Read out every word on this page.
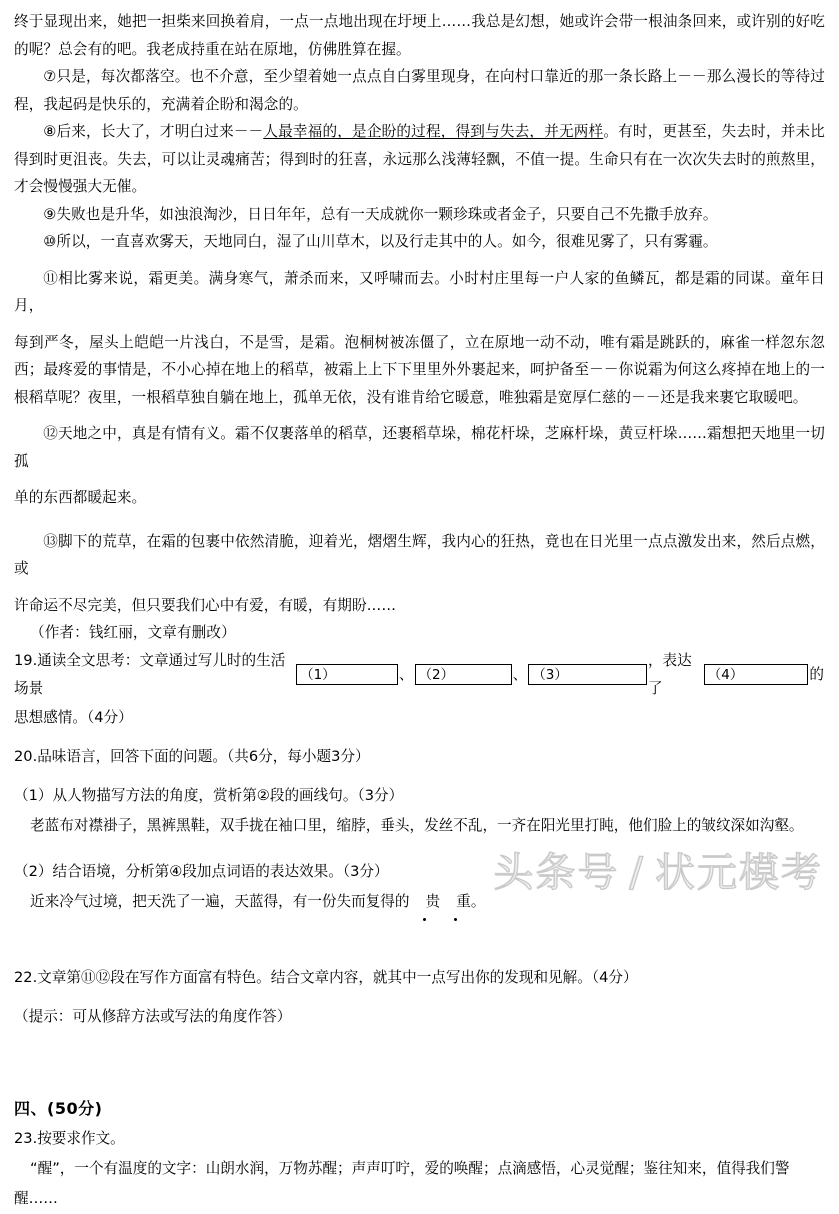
终于显现出来，她把一担柴来回换着肩，一点一点地出现在圩埂上……我总是幻想，她或许会带一根油条回来，或许别的好吃的呢？总会有的吧。我老成持重在站在原地，仿佛胜算在握。

⑦只是，每次都落空。也不介意，至少望着她一点点自白雾里现身，在向村口靠近的那一条长路上－－那么漫长的等待过程，我起码是快乐的，充满着企盼和渴念的。

⑧后来，长大了，才明白过来－－人最幸福的，是企盼的过程，得到与失去，并无两样。有时，更甚至，失去时，并未比得到时更沮丧。失去，可以让灵魂痛苦；得到时的狂喜，永远那么浅薄轻飘，不值一提。生命只有在一次次失去时的煎熬里，才会慢慢强大无催。

⑨失败也是升华，如浊浪淘沙，日日年年，总有一天成就你一颗珍珠或者金子，只要自己不先撒手放弃。

⑩所以，一直喜欢雾天，天地同白，湿了山川草木，以及行走其中的人。如今，很难见雾了，只有雾霾。

⑪相比雾来说，霜更美。满身寒气，萧杀而来，又呼啸而去。小时村庄里每一户人家的鱼鳞瓦，都是霜的同谋。童年日月，

每到严冬，屋头上皑皑一片浅白，不是雪，是霜。泡桐树被冻僵了，立在原地一动不动，唯有霜是跳跃的，麻雀一样忽东忽西；最疼爱的事情是，不小心掉在地上的稻草，被霜上上下下里里外外裹起来，呵护备至－－你说霜为何这么疼掉在地上的一根稻草呢？夜里，一根稻草独自躺在地上，孤单无依，没有谁肯给它暖意，唯独霜是宽厚仁慈的－－还是我来裹它取暖吧。

⑫天地之中，真是有情有义。霜不仅裹落单的稻草，还裹稻草垛，棉花杆垛，芝麻杆垛，黄豆杆垛……霜想把天地里一切孤

单的东西都暖起来。

⑬脚下的荒草，在霜的包裹中依然清脆，迎着光，熠熠生辉，我内心的狂热，竟也在日光里一点点激发出来，然后点燃，或

许命运不尽完美，但只要我们心中有爱，有暖，有期盼……

（作者：钱红丽，文章有删改）

19.通读全文思考：文章通过写儿时的生活场景
（1）	、 （2）	、 （3）
，表达了
（4）	的

思想感情。（4分）

20.品味语言，回答下面的问题。（共6分，每小题3分）

（1）从人物描写方法的角度，赏析第②段的画线句。（3分）

老蓝布对襟褂子，黑裤黑鞋，双手拢在袖口里，缩脖，垂头，发丝不乱，一齐在阳光里打盹，他们脸上的皱纹深如沟壑。

（2）结合语境，分析第④段加点词语的表达效果。（3分）

近来冷气过境，把天洗了一遍，天蓝得，有一份失而复得的 贵 重。

22.文章第⑪⑫段在写作方面富有特色。结合文章内容，就其中一点写出你的发现和见解。（4分）

（提示：可从修辞方法或写法的角度作答）

四、(50分)

23.按要求作文。

“醒”，一个有温度的文字：山朗水润，万物苏醒；声声叮咛，爱的唤醒；点滴感悟，心灵觉醒；鉴往知来，值得我们警醒……

头条号 / 状元模考
